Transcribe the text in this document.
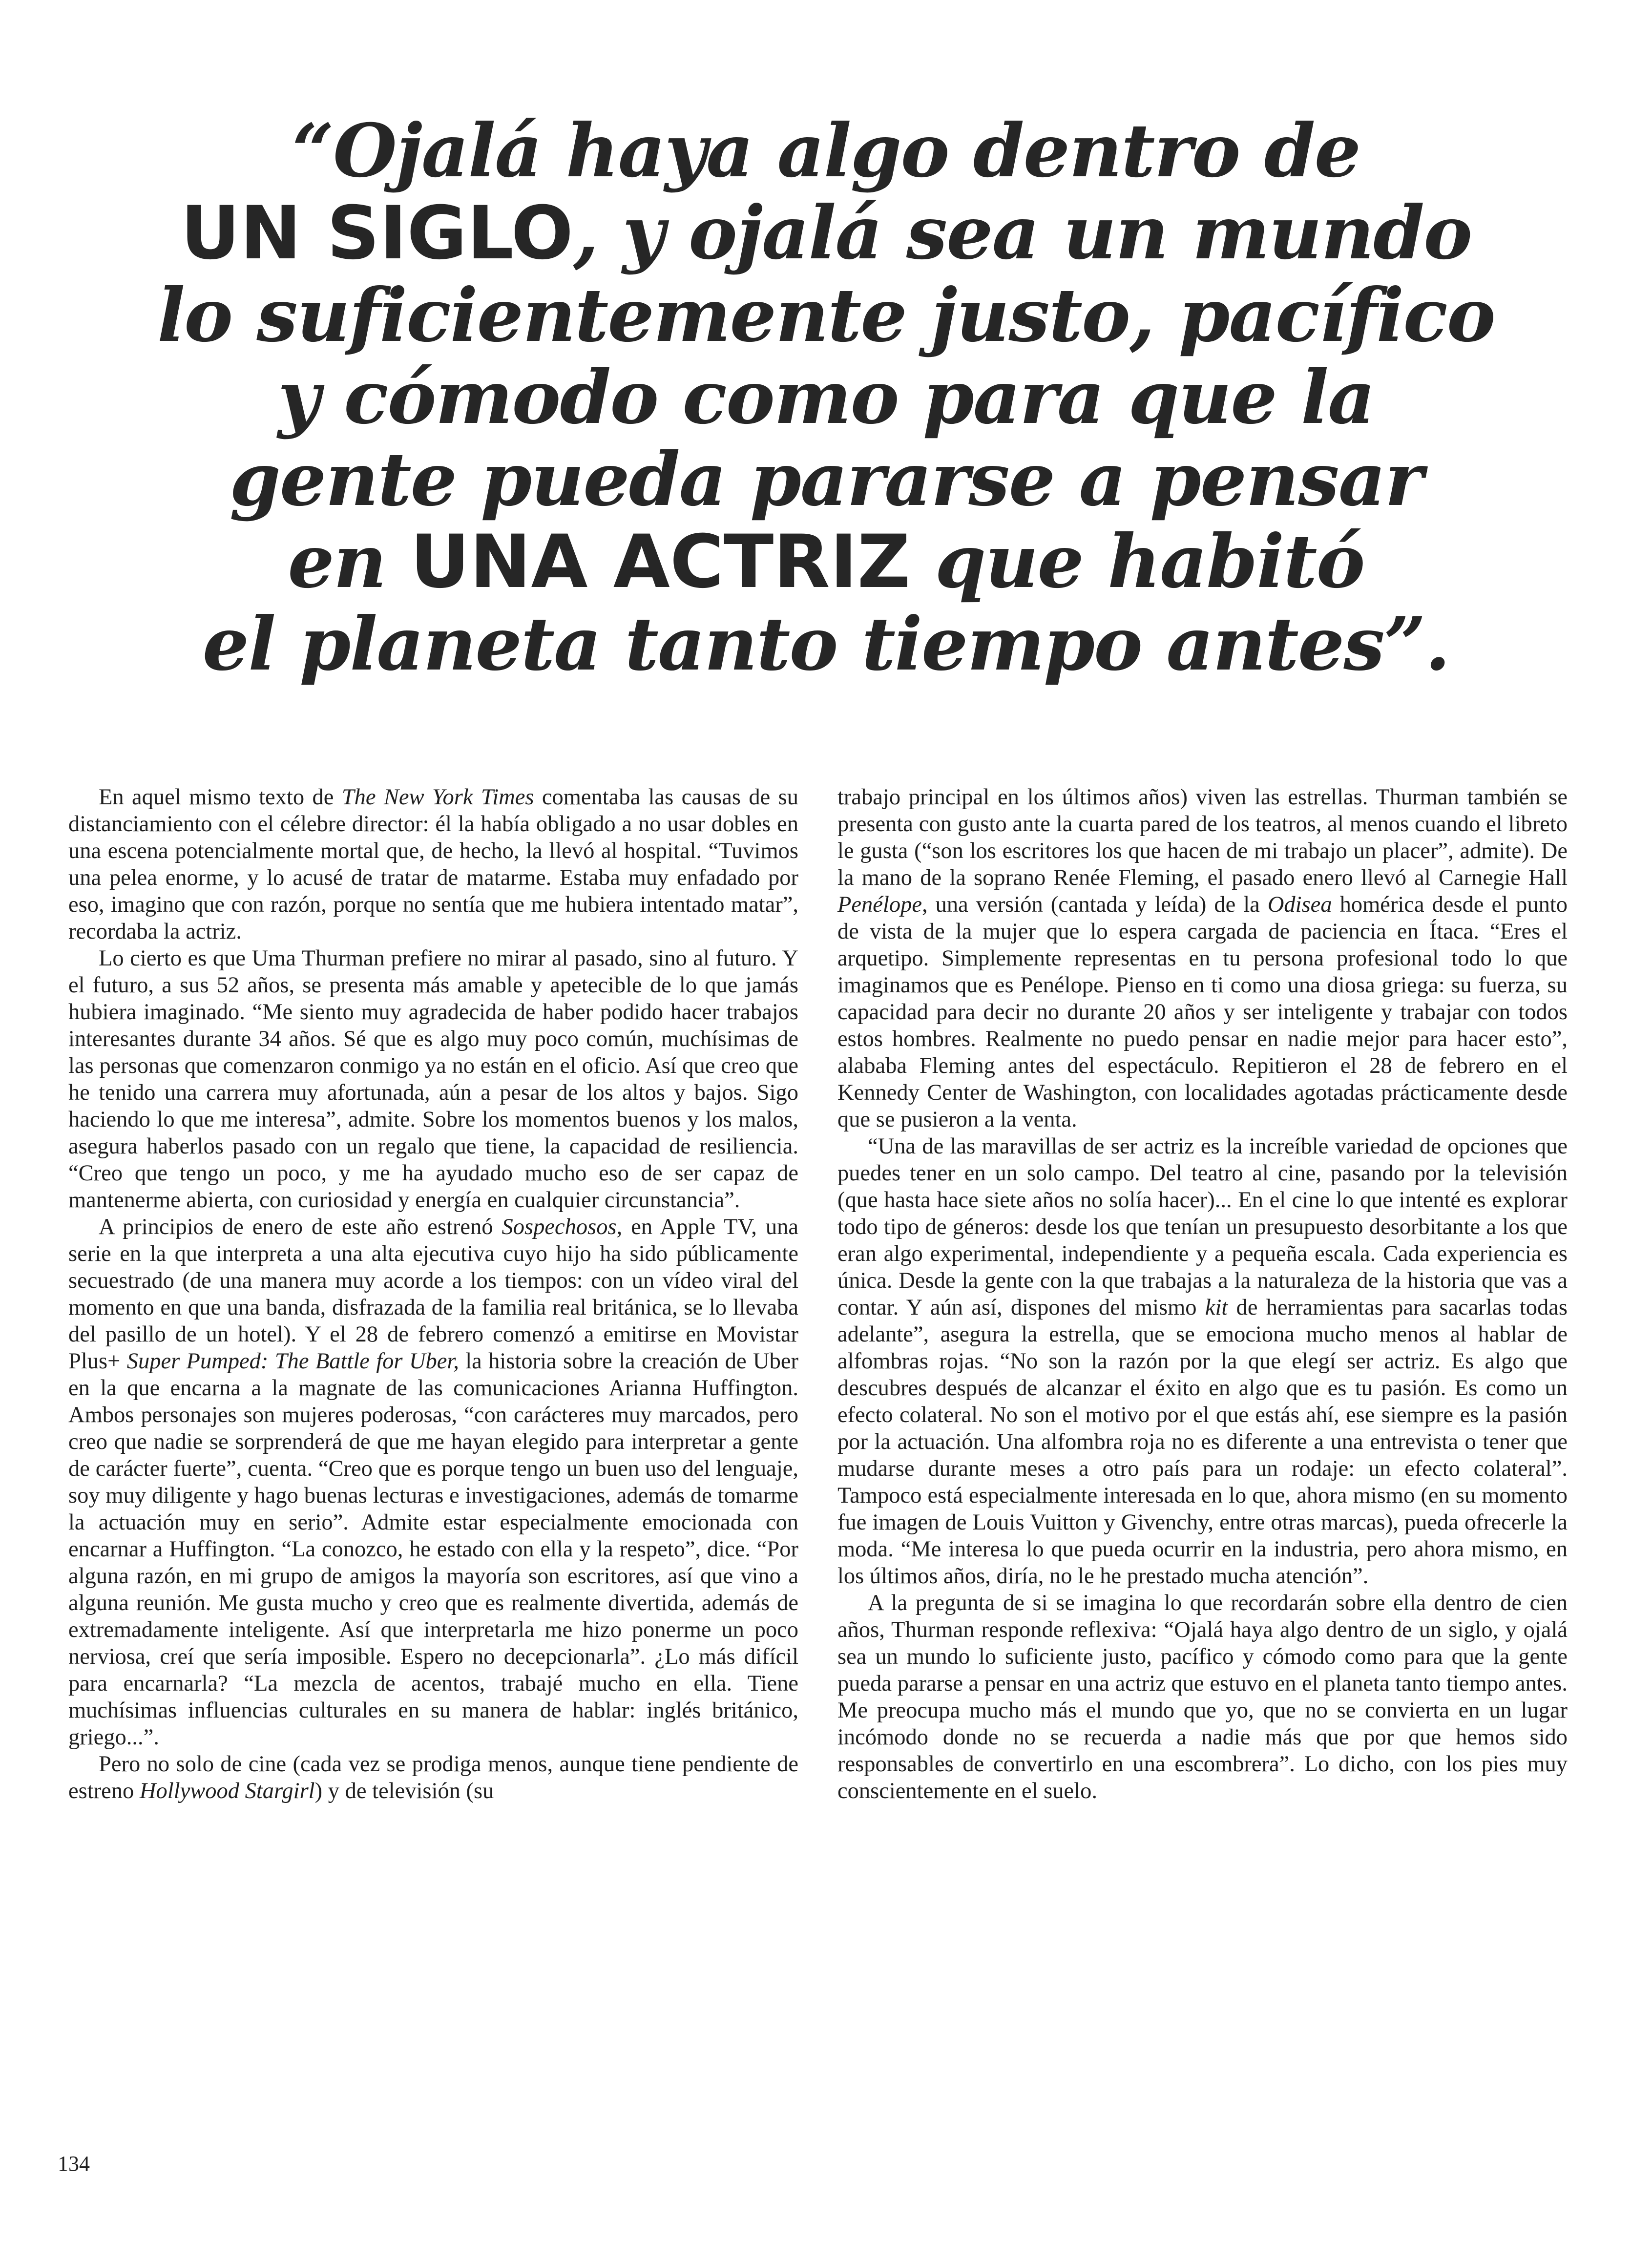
“Ojalá haya algo dentro de
UN SIGLO, y ojalá sea un mundo
lo suficientemente justo, pacífico
y cómodo como para que la
gente pueda pararse a pensar
en UNA ACTRIZ que habitó
el planeta tanto tiempo antes”.

En aquel mismo texto de The New York Times comentaba las causas de su distanciamiento con el célebre director: él la había obligado a no usar dobles en una escena potencialmente mortal que, de hecho, la llevó al hospital. “Tuvimos una pelea enorme, y lo acusé de tratar de matarme. Estaba muy enfadado por eso, imagino que con razón, porque no sentía que me hubiera intentado matar”, recordaba la actriz.

Lo cierto es que Uma Thurman prefiere no mirar al pasado, sino al futuro. Y el futuro, a sus 52 años, se presenta más amable y apetecible de lo que jamás hubiera imaginado. “Me siento muy agradecida de haber podido hacer trabajos interesantes durante 34 años. Sé que es algo muy poco común, muchísimas de las personas que comenzaron conmigo ya no están en el oficio. Así que creo que he tenido una carrera muy afortunada, aún a pesar de los altos y bajos. Sigo haciendo lo que me interesa”, admite. Sobre los momentos buenos y los malos, asegura haberlos pasado con un regalo que tiene, la capacidad de resiliencia. “Creo que tengo un poco, y me ha ayudado mucho eso de ser capaz de mantenerme abierta, con curiosidad y energía en cualquier circunstancia”.

A principios de enero de este año estrenó Sospechosos, en Apple TV, una serie en la que interpreta a una alta ejecutiva cuyo hijo ha sido públicamente secuestrado (de una manera muy acorde a los tiempos: con un vídeo viral del momento en que una banda, disfrazada de la familia real británica, se lo llevaba del pasillo de un hotel). Y el 28 de febrero comenzó a emitirse en Movistar Plus+ Super Pumped: The Battle for Uber, la historia sobre la creación de Uber en la que encarna a la magnate de las comunicaciones Arianna Huffington. Ambos personajes son mujeres poderosas, “con carácteres muy marcados, pero creo que nadie se sorprenderá de que me hayan elegido para interpretar a gente de carácter fuerte”, cuenta. “Creo que es porque tengo un buen uso del lenguaje, soy muy diligente y hago buenas lecturas e investigaciones, además de tomarme la actuación muy en serio”. Admite estar especialmente emocionada con encarnar a Huffington. “La conozco, he estado con ella y la respeto”, dice. “Por alguna razón, en mi grupo de amigos la mayoría son escritores, así que vino a alguna reunión. Me gusta mucho y creo que es realmente divertida, además de extremadamente inteligente. Así que interpretarla me hizo ponerme un poco nerviosa, creí que sería imposible. Espero no decepcionarla”. ¿Lo más difícil para encarnarla? “La mezcla de acentos, trabajé mucho en ella. Tiene muchísimas influencias culturales en su manera de hablar: inglés británico, griego...”.

Pero no solo de cine (cada vez se prodiga menos, aunque tiene pendiente de estreno Hollywood Stargirl) y de televisión (su

trabajo principal en los últimos años) viven las estrellas. Thurman también se presenta con gusto ante la cuarta pared de los teatros, al menos cuando el libreto le gusta (“son los escritores los que hacen de mi trabajo un placer”, admite). De la mano de la soprano Renée Fleming, el pasado enero llevó al Carnegie Hall Penélope, una versión (cantada y leída) de la Odisea homérica desde el punto de vista de la mujer que lo espera cargada de paciencia en Ítaca. “Eres el arquetipo. Simplemente representas en tu persona profesional todo lo que imaginamos que es Penélope. Pienso en ti como una diosa griega: su fuerza, su capacidad para decir no durante 20 años y ser inteligente y trabajar con todos estos hombres. Realmente no puedo pensar en nadie mejor para hacer esto”, alababa Fleming antes del espectáculo. Repitieron el 28 de febrero en el Kennedy Center de Washington, con localidades agotadas prácticamente desde que se pusieron a la venta.

“Una de las maravillas de ser actriz es la increíble variedad de opciones que puedes tener en un solo campo. Del teatro al cine, pasando por la televisión (que hasta hace siete años no solía hacer)... En el cine lo que intenté es explorar todo tipo de géneros: desde los que tenían un presupuesto desorbitante a los que eran algo experimental, independiente y a pequeña escala. Cada experiencia es única. Desde la gente con la que trabajas a la naturaleza de la historia que vas a contar. Y aún así, dispones del mismo kit de herramientas para sacarlas todas adelante”, asegura la estrella, que se emociona mucho menos al hablar de alfombras rojas. “No son la razón por la que elegí ser actriz. Es algo que descubres después de alcanzar el éxito en algo que es tu pasión. Es como un efecto colateral. No son el motivo por el que estás ahí, ese siempre es la pasión por la actuación. Una alfombra roja no es diferente a una entrevista o tener que mudarse durante meses a otro país para un rodaje: un efecto colateral”. Tampoco está especialmente interesada en lo que, ahora mismo (en su momento fue imagen de Louis Vuitton y Givenchy, entre otras marcas), pueda ofrecerle la moda. “Me interesa lo que pueda ocurrir en la industria, pero ahora mismo, en los últimos años, diría, no le he prestado mucha atención”.

A la pregunta de si se imagina lo que recordarán sobre ella dentro de cien años, Thurman responde reflexiva: “Ojalá haya algo dentro de un siglo, y ojalá sea un mundo lo suficiente justo, pacífico y cómodo como para que la gente pueda pararse a pensar en una actriz que estuvo en el planeta tanto tiempo antes. Me preocupa mucho más el mundo que yo, que no se convierta en un lugar incómodo donde no se recuerda a nadie más que por que hemos sido responsables de convertirlo en una escombrera”. Lo dicho, con los pies muy conscientemente en el suelo.

134
